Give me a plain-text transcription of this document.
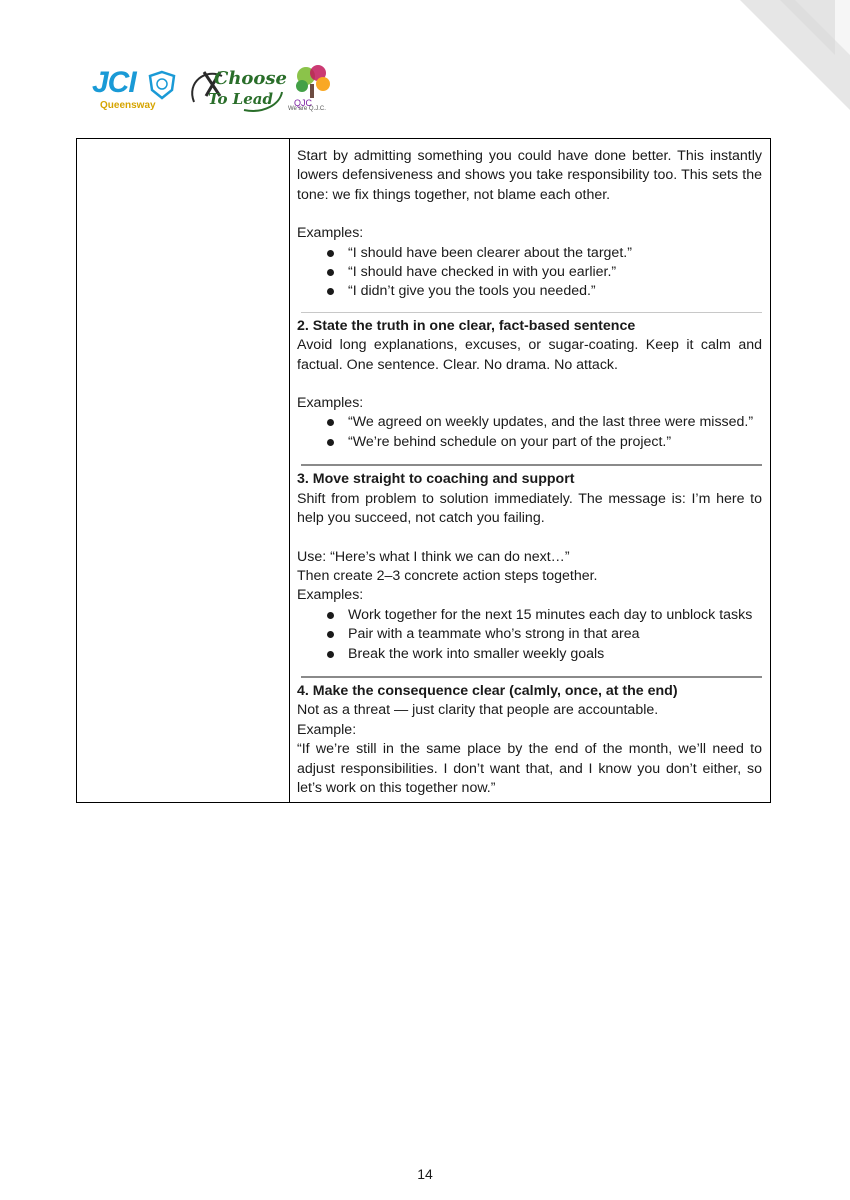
JCI
Queensway
Choose
To Lead QJC
We are Q.J.C.

Start by admitting something you could have done better. This instantly lowers defensiveness and shows you take responsibility too. This sets the tone: we fix things together, not blame each other.

Examples:

“I should have been clearer about the target.”
“I should have checked in with you earlier.”
“I didn’t give you the tools you needed.”

2. State the truth in one clear, fact-based sentence

Avoid long explanations, excuses, or sugar-coating. Keep it calm and factual. One sentence. Clear. No drama. No attack.

Examples:

“We agreed on weekly updates, and the last three were missed.”
“We’re behind schedule on your part of the project.”

3. Move straight to coaching and support

Shift from problem to solution immediately. The message is: I’m here to help you succeed, not catch you failing.

Use: “Here’s what I think we can do next…”

Then create 2–3 concrete action steps together.

Examples:

Work together for the next 15 minutes each day to unblock tasks
Pair with a teammate who’s strong in that area
Break the work into smaller weekly goals

4. Make the consequence clear (calmly, once, at the end)

Not as a threat — just clarity that people are accountable.

Example:

“If we’re still in the same place by the end of the month, we’ll need to adjust responsibilities. I don’t want that, and I know you don’t either, so let’s work on this together now.”

14
